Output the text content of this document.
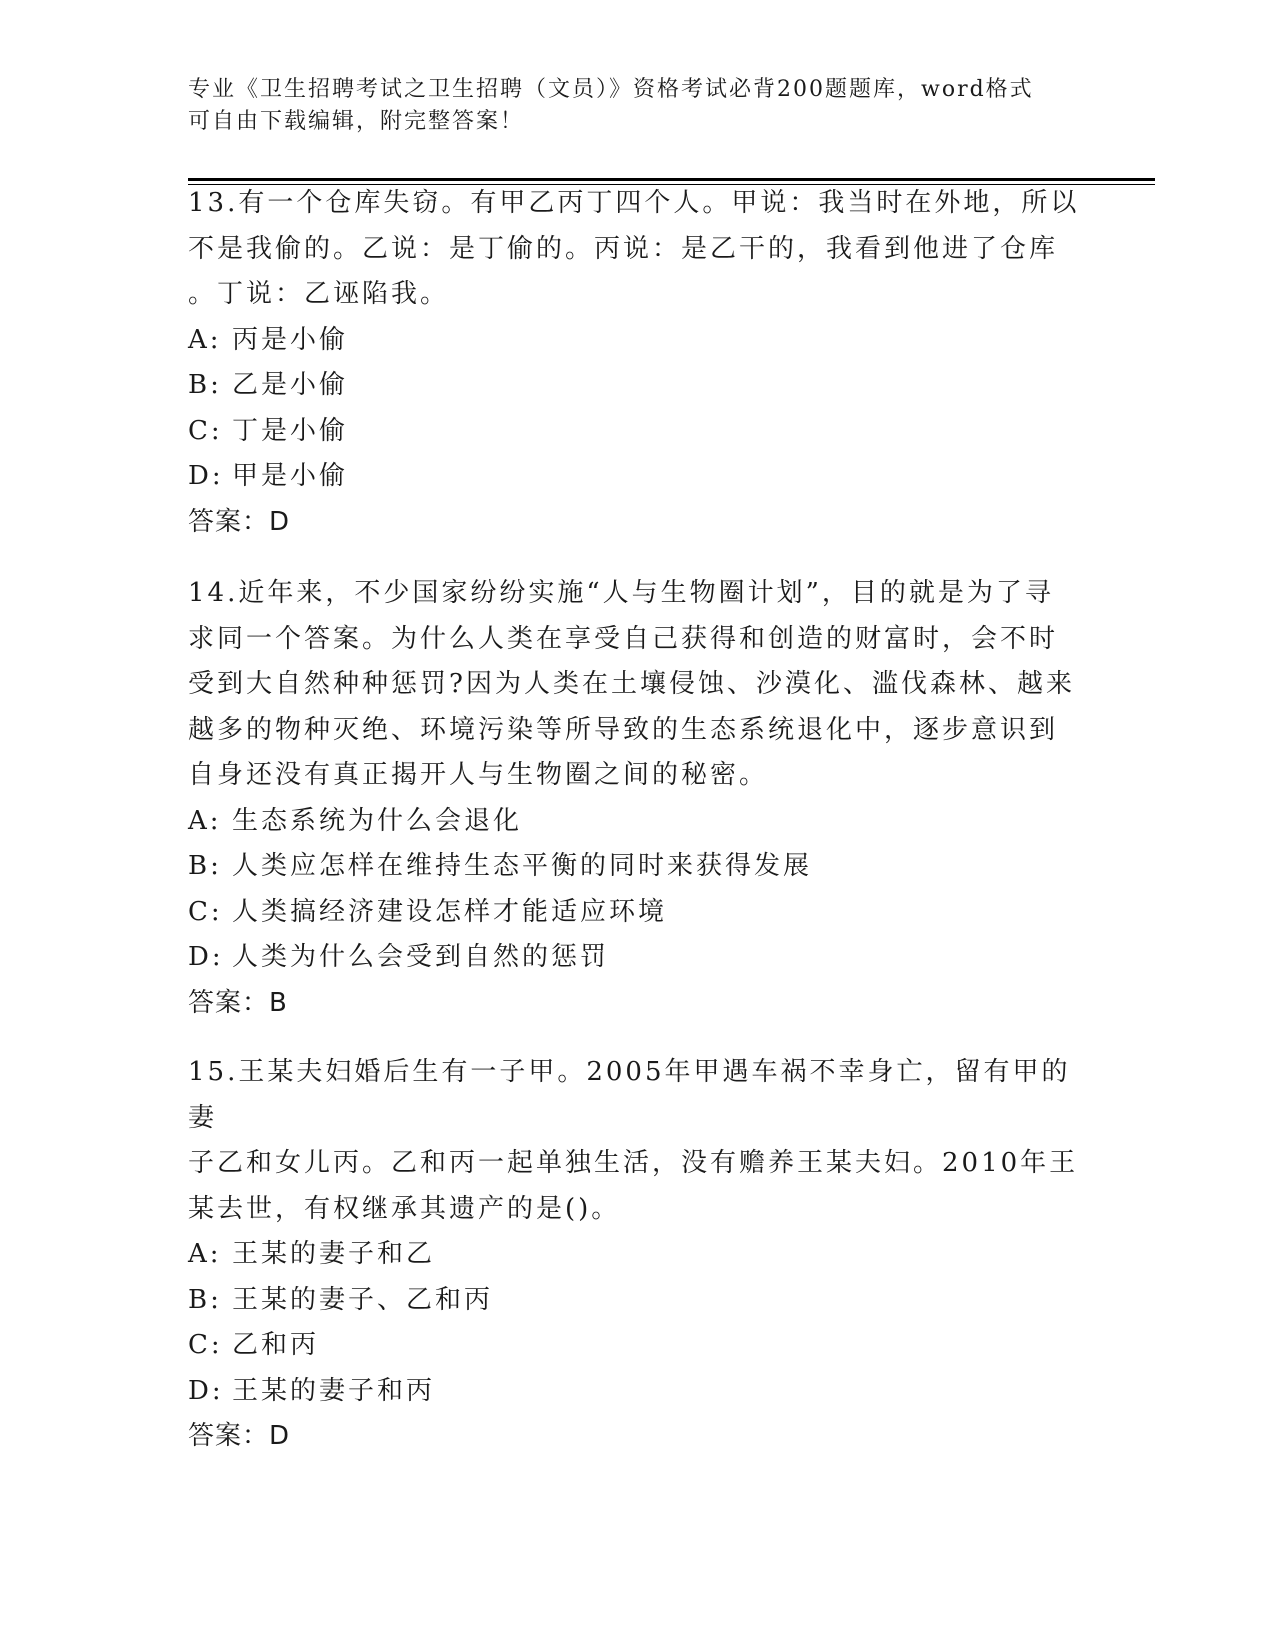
专业《卫生招聘考试之卫生招聘（文员）》资格考试必背200题题库，word格式
可自由下载编辑，附完整答案！
13.有一个仓库失窃。有甲乙丙丁四个人。甲说：我当时在外地，所以
不是我偷的。乙说：是丁偷的。丙说：是乙干的，我看到他进了仓库
。丁说：乙诬陷我。
A: 丙是小偷
B: 乙是小偷
C: 丁是小偷
D: 甲是小偷
答案：D
14.近年来，不少国家纷纷实施“人与生物圈计划”，目的就是为了寻
求同一个答案。为什么人类在享受自己获得和创造的财富时，会不时
受到大自然种种惩罚?因为人类在土壤侵蚀、沙漠化、滥伐森林、越来
越多的物种灭绝、环境污染等所导致的生态系统退化中，逐步意识到
自身还没有真正揭开人与生物圈之间的秘密。
A: 生态系统为什么会退化
B: 人类应怎样在维持生态平衡的同时来获得发展
C: 人类搞经济建设怎样才能适应环境
D: 人类为什么会受到自然的惩罚
答案：B
15.王某夫妇婚后生有一子甲。2005年甲遇车祸不幸身亡，留有甲的妻
子乙和女儿丙。乙和丙一起单独生活，没有赡养王某夫妇。2010年王
某去世，有权继承其遗产的是()。
A: 王某的妻子和乙
B: 王某的妻子、乙和丙
C: 乙和丙
D: 王某的妻子和丙
答案：D
